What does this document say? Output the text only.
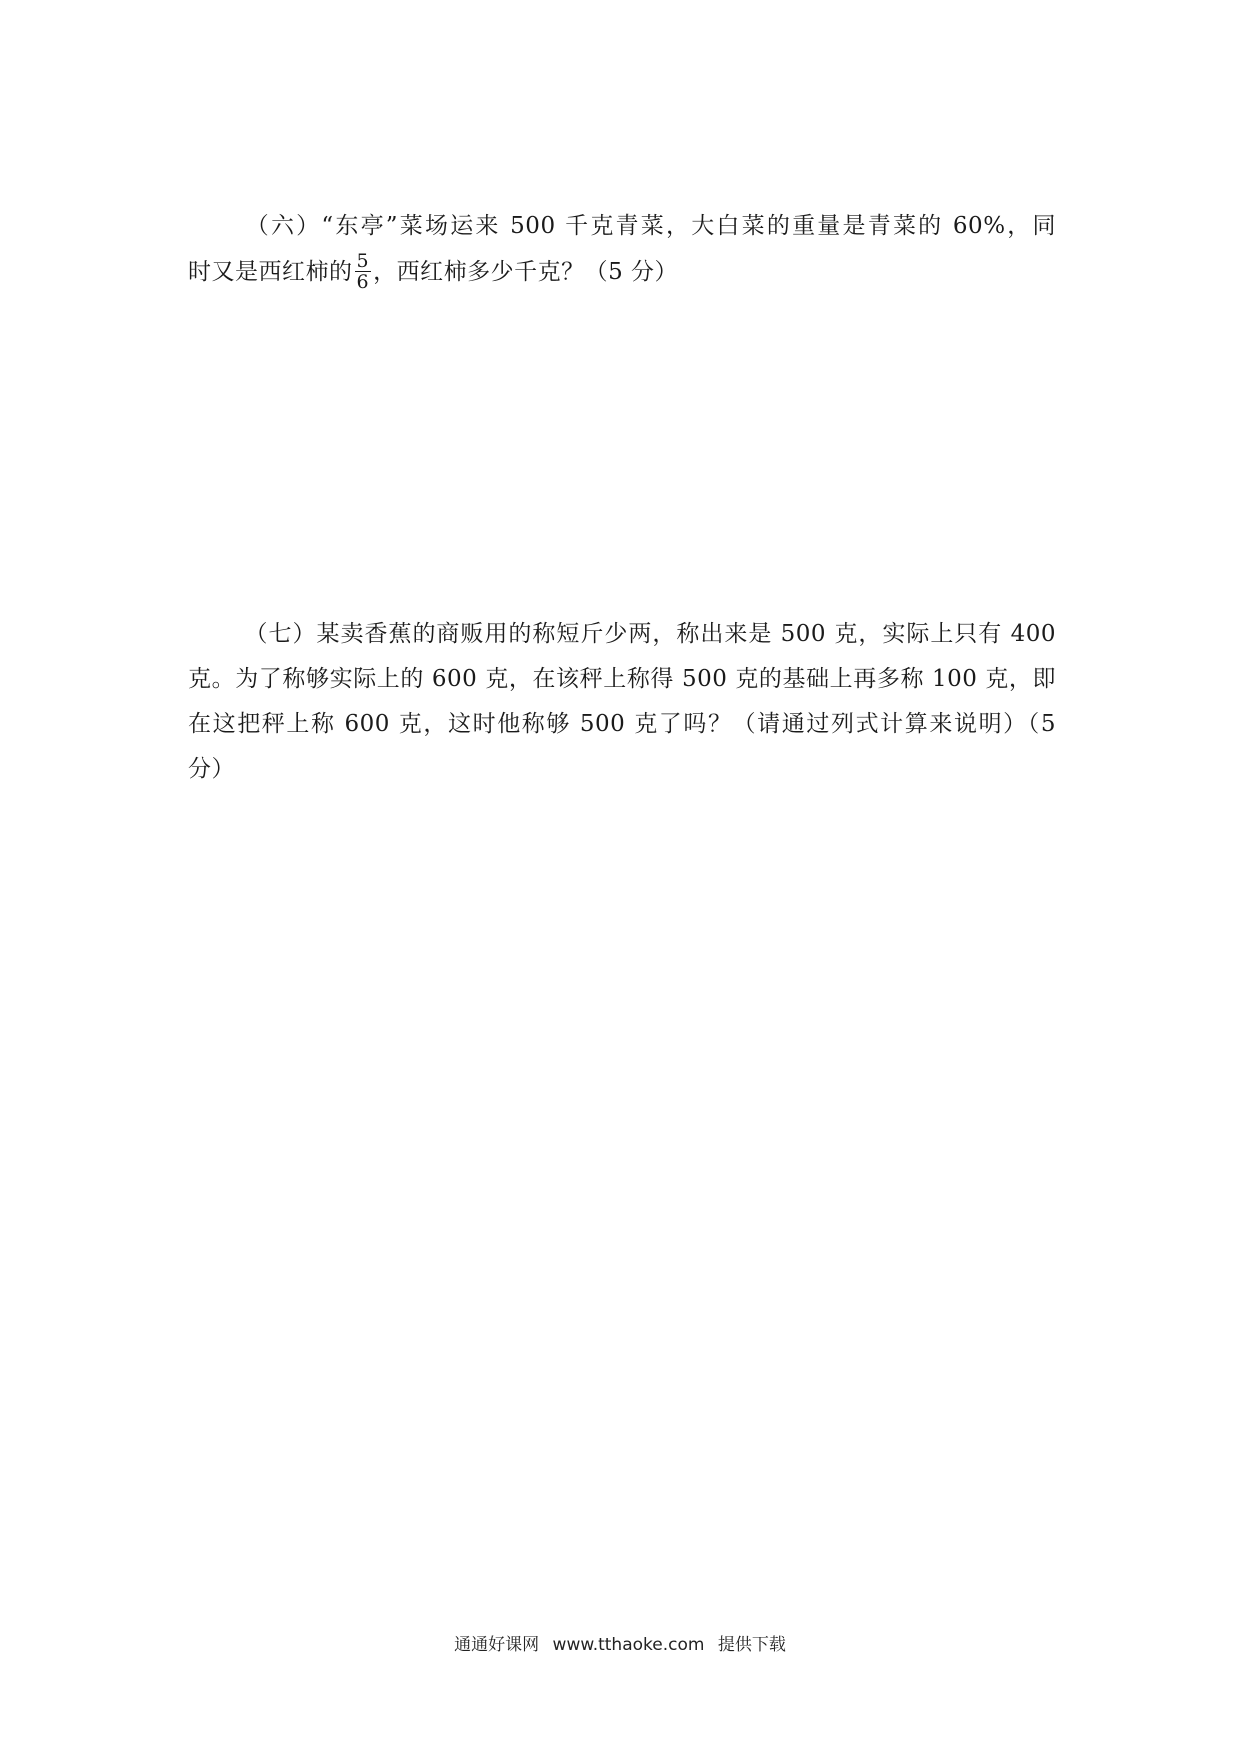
（六）“东亭”菜场运来 500 千克青菜，大白菜的重量是青菜的 60%，同

时又是西红柿的 $\frac{5}{6}$ ，西红柿多少千克？（5 分）

（七）某卖香蕉的商贩用的称短斤少两，称出来是 500 克，实际上只有 400

克。为了称够实际上的 600 克，在该秤上称得 500 克的基础上再多称 100 克，即

在这把秤上称 600 克，这时他称够 500 克了吗？（请通过列式计算来说明）（5

分）

通通好课网 www.tthaoke.com 提供下载
